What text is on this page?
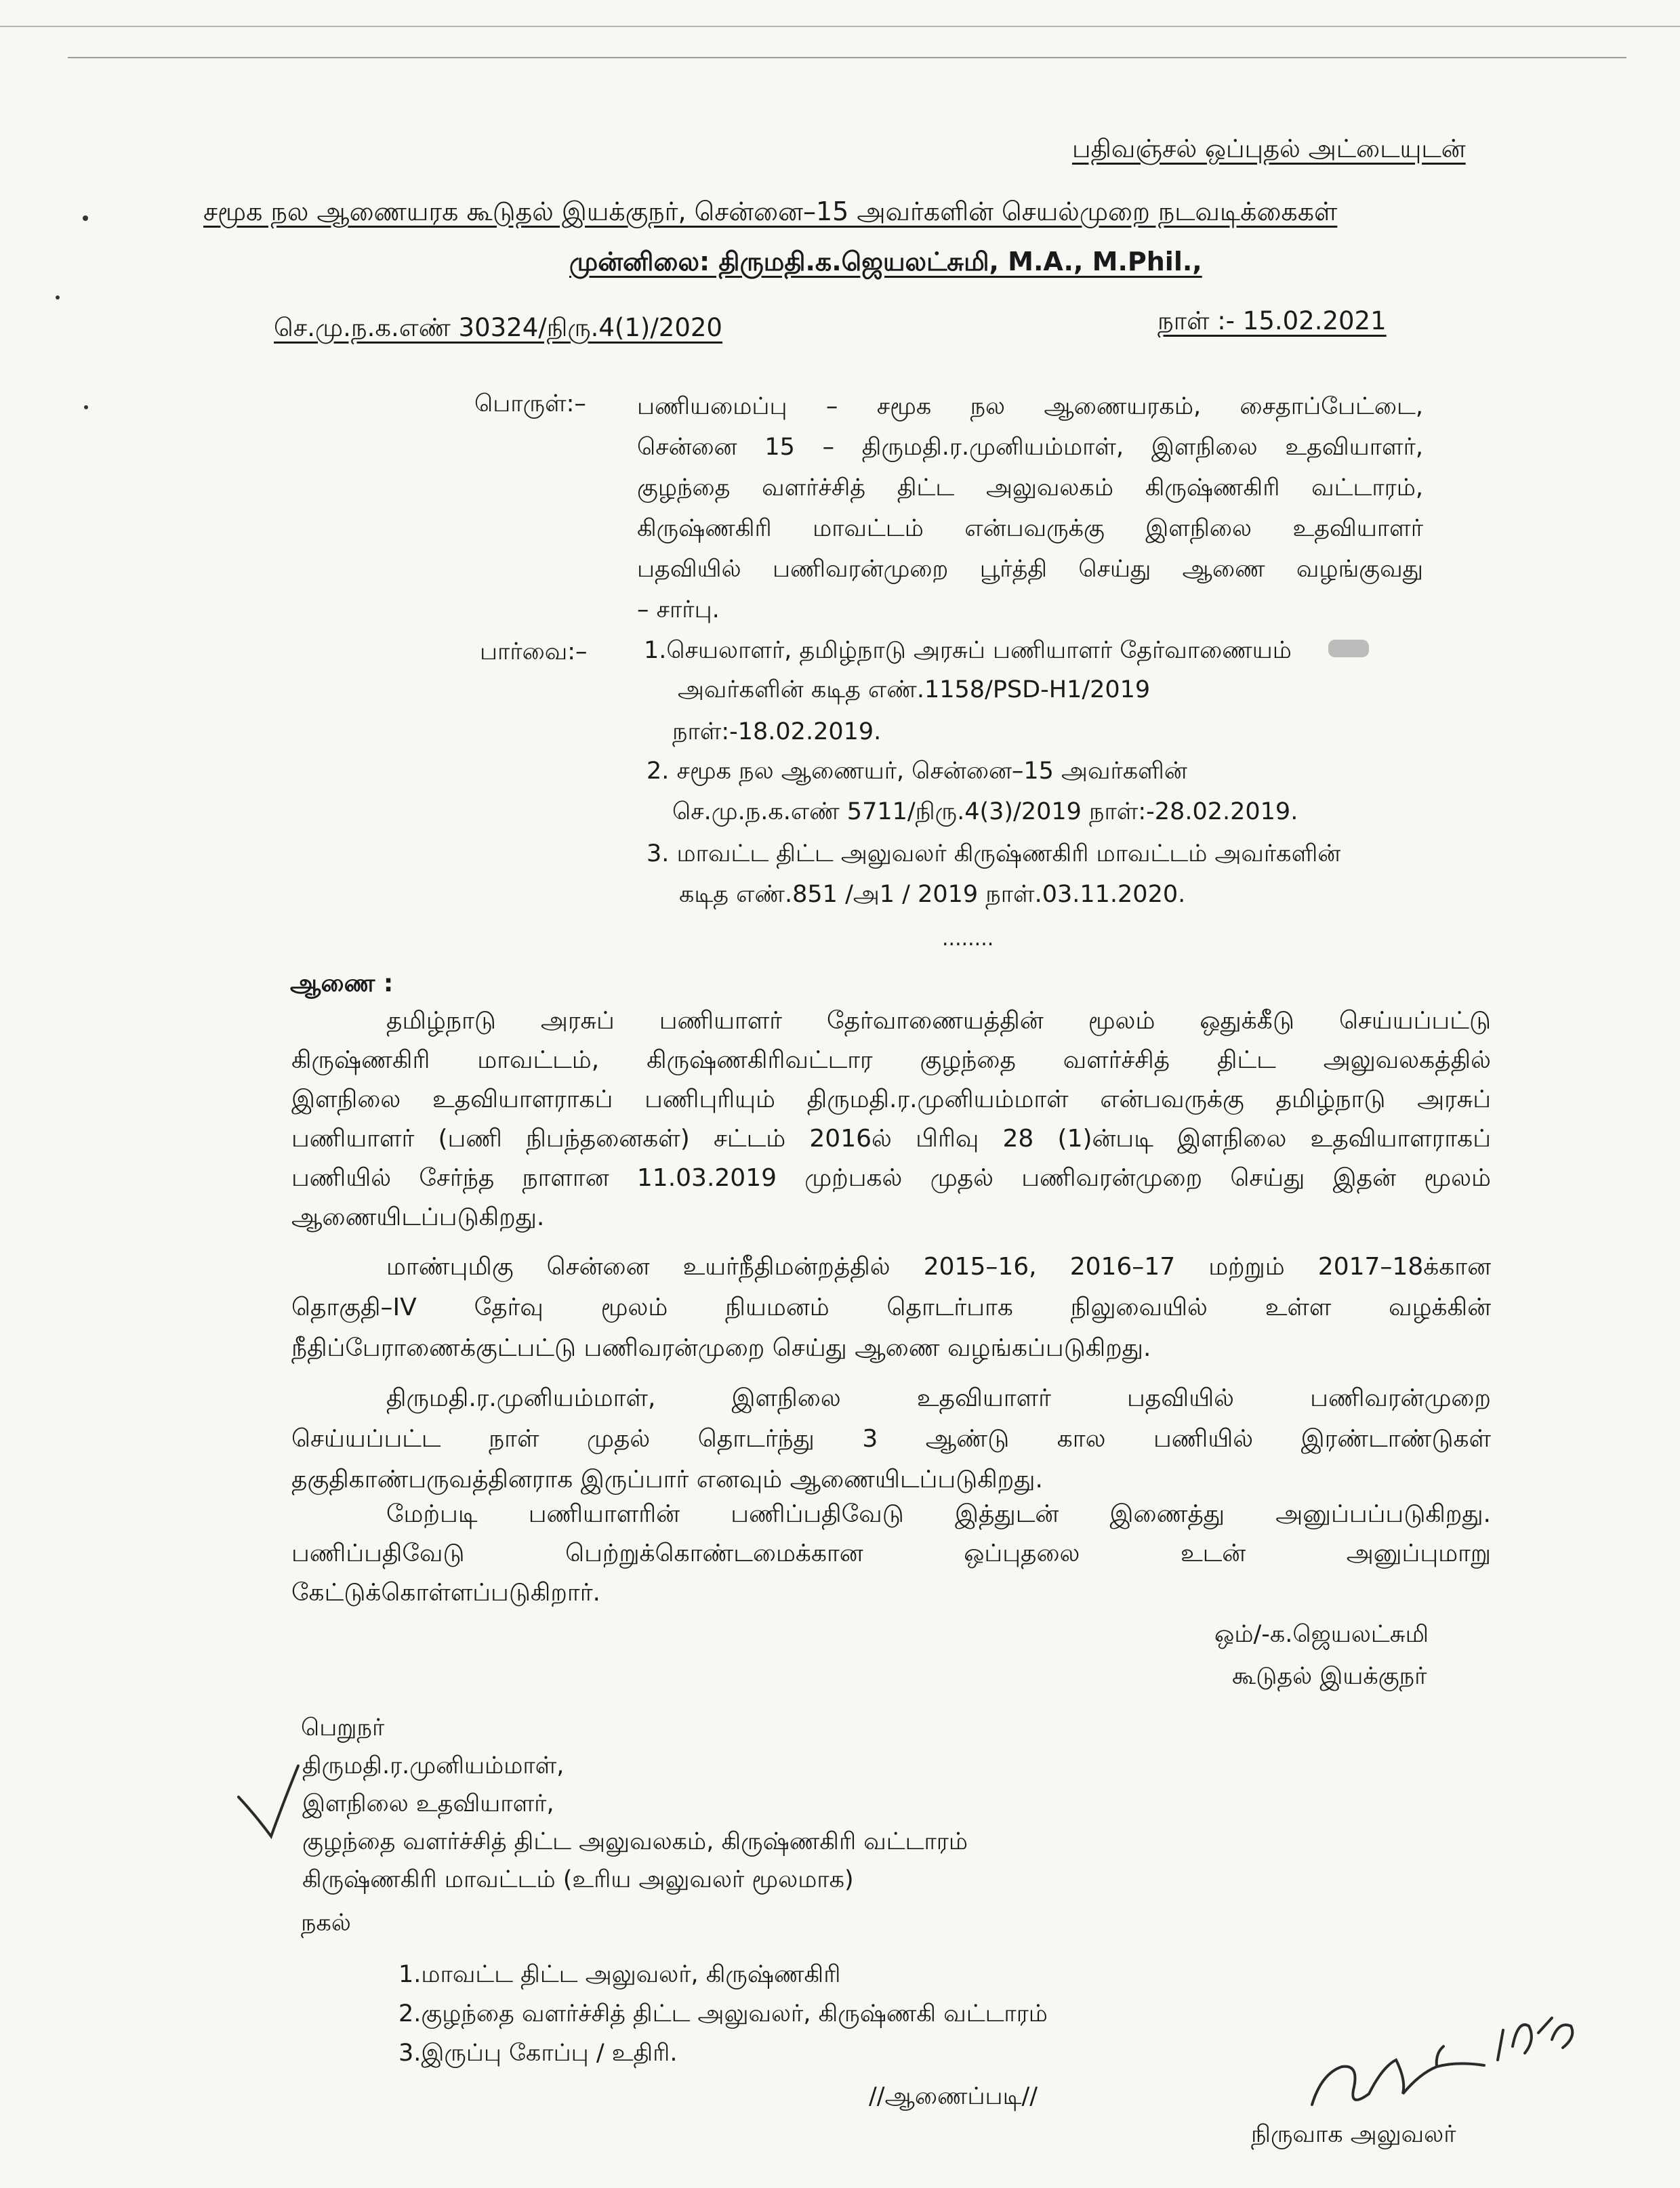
பதிவஞ்சல் ஒப்புதல் அட்டையுடன்
சமூக நல ஆணையரக கூடுதல் இயக்குநர், சென்னை–15 அவர்களின் செயல்முறை நடவடிக்கைகள்
முன்னிலை: திருமதி.க.ஜெயலட்சுமி, M.A., M.Phil.,
செ.மு.ந.க.எண் 30324/நிரு.4(1)/2020	நாள் :- 15.02.2021
பொருள்:– பணியமைப்பு – சமூக நல ஆணையரகம், சைதாப்பேட்டை,
சென்னை 15 – திருமதி.ர.முனியம்மாள், இளநிலை உதவியாளர்,
குழந்தை வளர்ச்சித் திட்ட அலுவலகம் கிருஷ்ணகிரி வட்டாரம்,
கிருஷ்ணகிரி மாவட்டம் என்பவருக்கு இளநிலை உதவியாளர்
பதவியில் பணிவரன்முறை பூர்த்தி செய்து ஆணை வழங்குவது
– சார்பு.
பார்வை:– 1.செயலாளர், தமிழ்நாடு அரசுப் பணியாளர் தேர்வாணையம்
அவர்களின் கடித எண்.1158/PSD-H1/2019
நாள்:-18.02.2019.
2. சமூக நல ஆணையர், சென்னை–15 அவர்களின்
செ.மு.ந.க.எண் 5711/நிரு.4(3)/2019 நாள்:-28.02.2019.
3. மாவட்ட திட்ட அலுவலர் கிருஷ்ணகிரி மாவட்டம் அவர்களின்
கடித எண்.851 /அ1 / 2019 நாள்.03.11.2020.
........
ஆணை :
தமிழ்நாடு அரசுப் பணியாளர் தேர்வாணையத்தின் மூலம் ஒதுக்கீடு செய்யப்பட்டு
கிருஷ்ணகிரி மாவட்டம், கிருஷ்ணகிரிவட்டார குழந்தை வளர்ச்சித் திட்ட அலுவலகத்தில்
இளநிலை உதவியாளராகப் பணிபுரியும் திருமதி.ர.முனியம்மாள் என்பவருக்கு தமிழ்நாடு அரசுப்
பணியாளர் (பணி நிபந்தனைகள்) சட்டம் 2016ல் பிரிவு 28 (1)ன்படி இளநிலை உதவியாளராகப்
பணியில் சேர்ந்த நாளான 11.03.2019 முற்பகல் முதல் பணிவரன்முறை செய்து இதன் மூலம்
ஆணையிடப்படுகிறது.
மாண்புமிகு சென்னை உயர்நீதிமன்றத்தில் 2015–16, 2016–17 மற்றும் 2017–18க்கான
தொகுதி–IV தேர்வு மூலம் நியமனம் தொடர்பாக நிலுவையில் உள்ள வழக்கின்
நீதிப்பேராணைக்குட்பட்டு பணிவரன்முறை செய்து ஆணை வழங்கப்படுகிறது.
திருமதி.ர.முனியம்மாள், இளநிலை உதவியாளர் பதவியில் பணிவரன்முறை
செய்யப்பட்ட நாள் முதல் தொடர்ந்து 3 ஆண்டு கால பணியில் இரண்டாண்டுகள்
தகுதிகாண்பருவத்தினராக இருப்பார் எனவும் ஆணையிடப்படுகிறது.
மேற்படி பணியாளரின் பணிப்பதிவேடு இத்துடன் இணைத்து அனுப்பப்படுகிறது.
பணிப்பதிவேடு பெற்றுக்கொண்டமைக்கான ஒப்புதலை உடன் அனுப்புமாறு
கேட்டுக்கொள்ளப்படுகிறார்.
ஒம்/-க.ஜெயலட்சுமி
கூடுதல் இயக்குநர்
பெறுநர்
திருமதி.ர.முனியம்மாள்,
இளநிலை உதவியாளர்,
குழந்தை வளர்ச்சித் திட்ட அலுவலகம், கிருஷ்ணகிரி வட்டாரம்
கிருஷ்ணகிரி மாவட்டம் (உரிய அலுவலர் மூலமாக)
நகல்
1.மாவட்ட திட்ட அலுவலர், கிருஷ்ணகிரி
2.குழந்தை வளர்ச்சித் திட்ட அலுவலர், கிருஷ்ணகி வட்டாரம்
3.இருப்பு கோப்பு / உதிரி.
//ஆணைப்படி//
நிருவாக அலுவலர்
